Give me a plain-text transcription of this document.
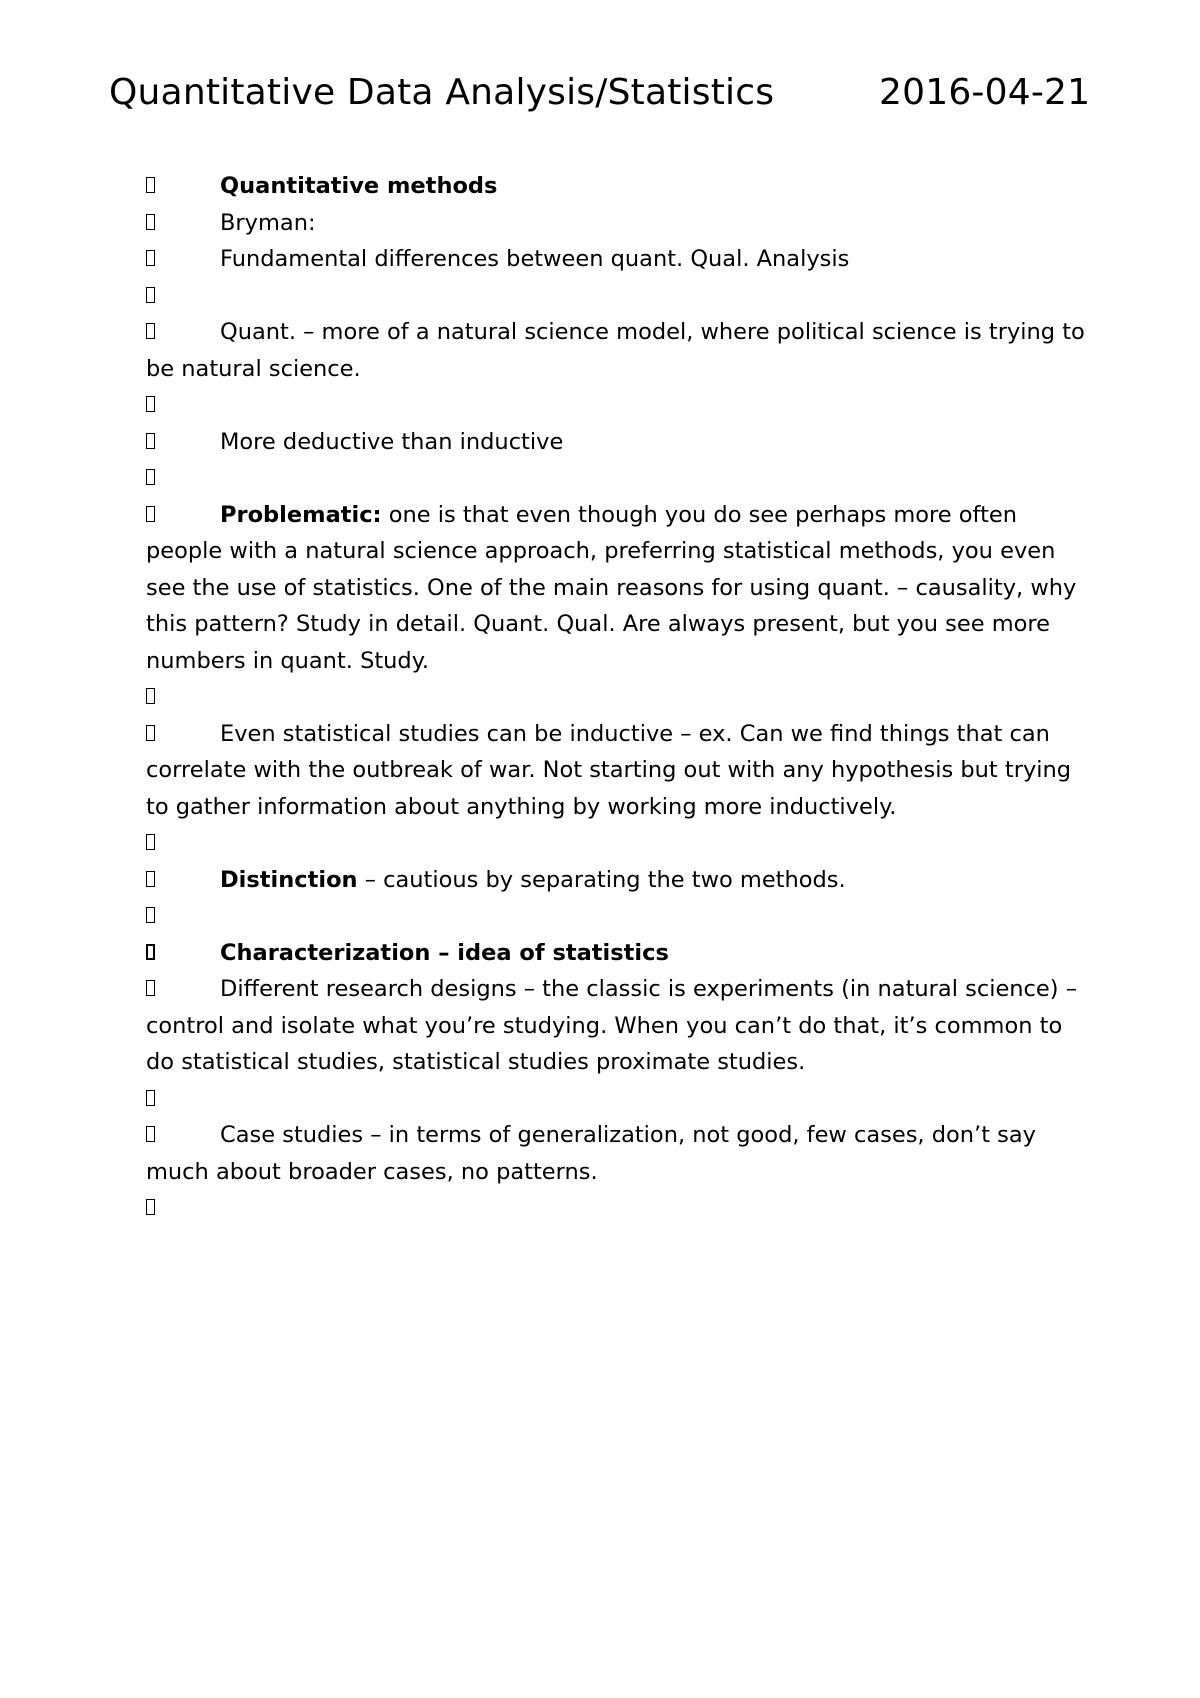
Quantitative Data Analysis/Statistics	2016-04-21

Quantitative methods

Bryman:

Fundamental differences between quant. Qual. Analysis

Quant. – more of a natural science model, where political science is trying to be natural science.

More deductive than inductive

Problematic: one is that even though you do see perhaps more often people with a natural science approach, preferring statistical methods, you even see the use of statistics. One of the main reasons for using quant. – causality, why this pattern? Study in detail. Quant. Qual. Are always present, but you see more numbers in quant. Study.

Even statistical studies can be inductive – ex. Can we find things that can correlate with the outbreak of war. Not starting out with any hypothesis but trying to gather information about anything by working more inductively.

Distinction – cautious by separating the two methods.

Characterization – idea of statistics

Different research designs – the classic is experiments (in natural science) – control and isolate what you’re studying. When you can’t do that, it’s common to do statistical studies, statistical studies proximate studies.

Case studies – in terms of generalization, not good, few cases, don’t say much about broader cases, no patterns.
